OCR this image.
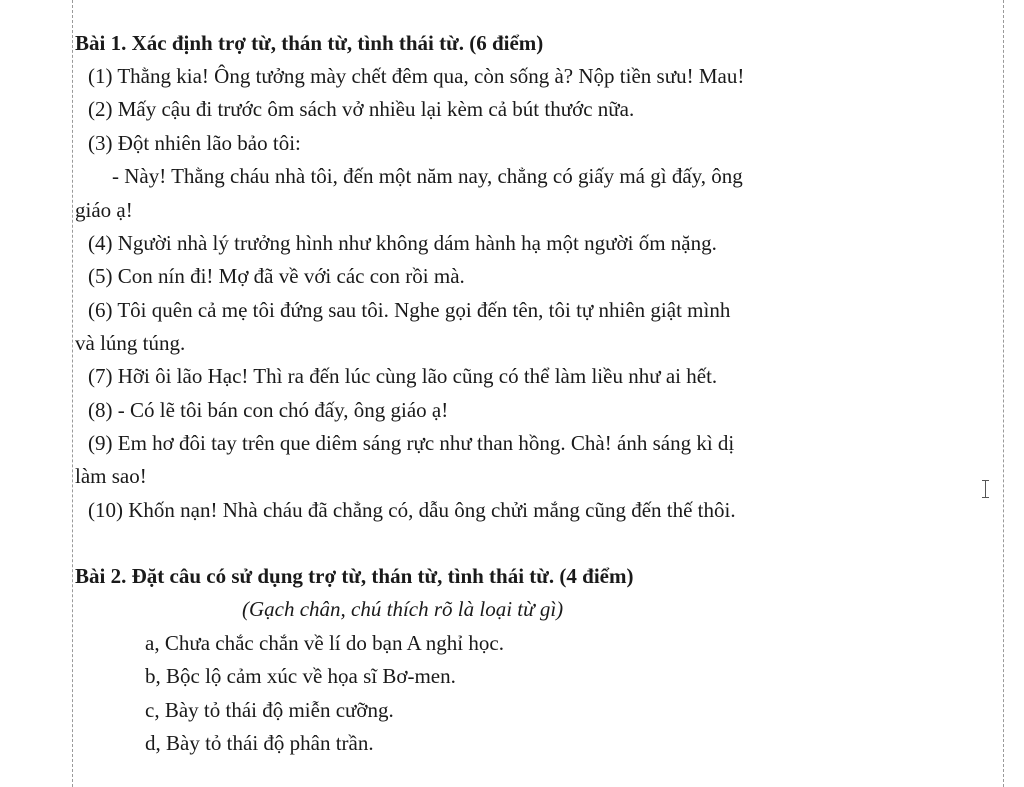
Bài 1. Xác định trợ từ, thán từ, tình thái từ. (6 điểm)

(1) Thằng kia! Ông tưởng mày chết đêm qua, còn sống à? Nộp tiền sưu! Mau!

(2) Mấy cậu đi trước ôm sách vở nhiều lại kèm cả bút thước nữa.

(3) Đột nhiên lão bảo tôi:

- Này! Thằng cháu nhà tôi, đến một năm nay, chẳng có giấy má gì đấy, ông

giáo ạ!

(4) Người nhà lý trưởng hình như không dám hành hạ một người ốm nặng.

(5) Con nín đi! Mợ đã về với các con rồi mà.

(6) Tôi quên cả mẹ tôi đứng sau tôi. Nghe gọi đến tên, tôi tự nhiên giật mình

và lúng túng.

(7) Hỡi ôi lão Hạc! Thì ra đến lúc cùng lão cũng có thể làm liều như ai hết.

(8) - Có lẽ tôi bán con chó đấy, ông giáo ạ!

(9) Em hơ đôi tay trên que diêm sáng rực như than hồng. Chà! ánh sáng kì dị

làm sao!

(10) Khốn nạn! Nhà cháu đã chẳng có, dẫu ông chửi mắng cũng đến thế thôi.

Bài 2. Đặt câu có sử dụng trợ từ, thán từ, tình thái từ. (4 điểm)

(Gạch chân, chú thích rõ là loại từ gì)

a, Chưa chắc chắn về lí do bạn A nghỉ học.

b, Bộc lộ cảm xúc về họa sĩ Bơ-men.

c, Bày tỏ thái độ miễn cưỡng.

d, Bày tỏ thái độ phân trần.
